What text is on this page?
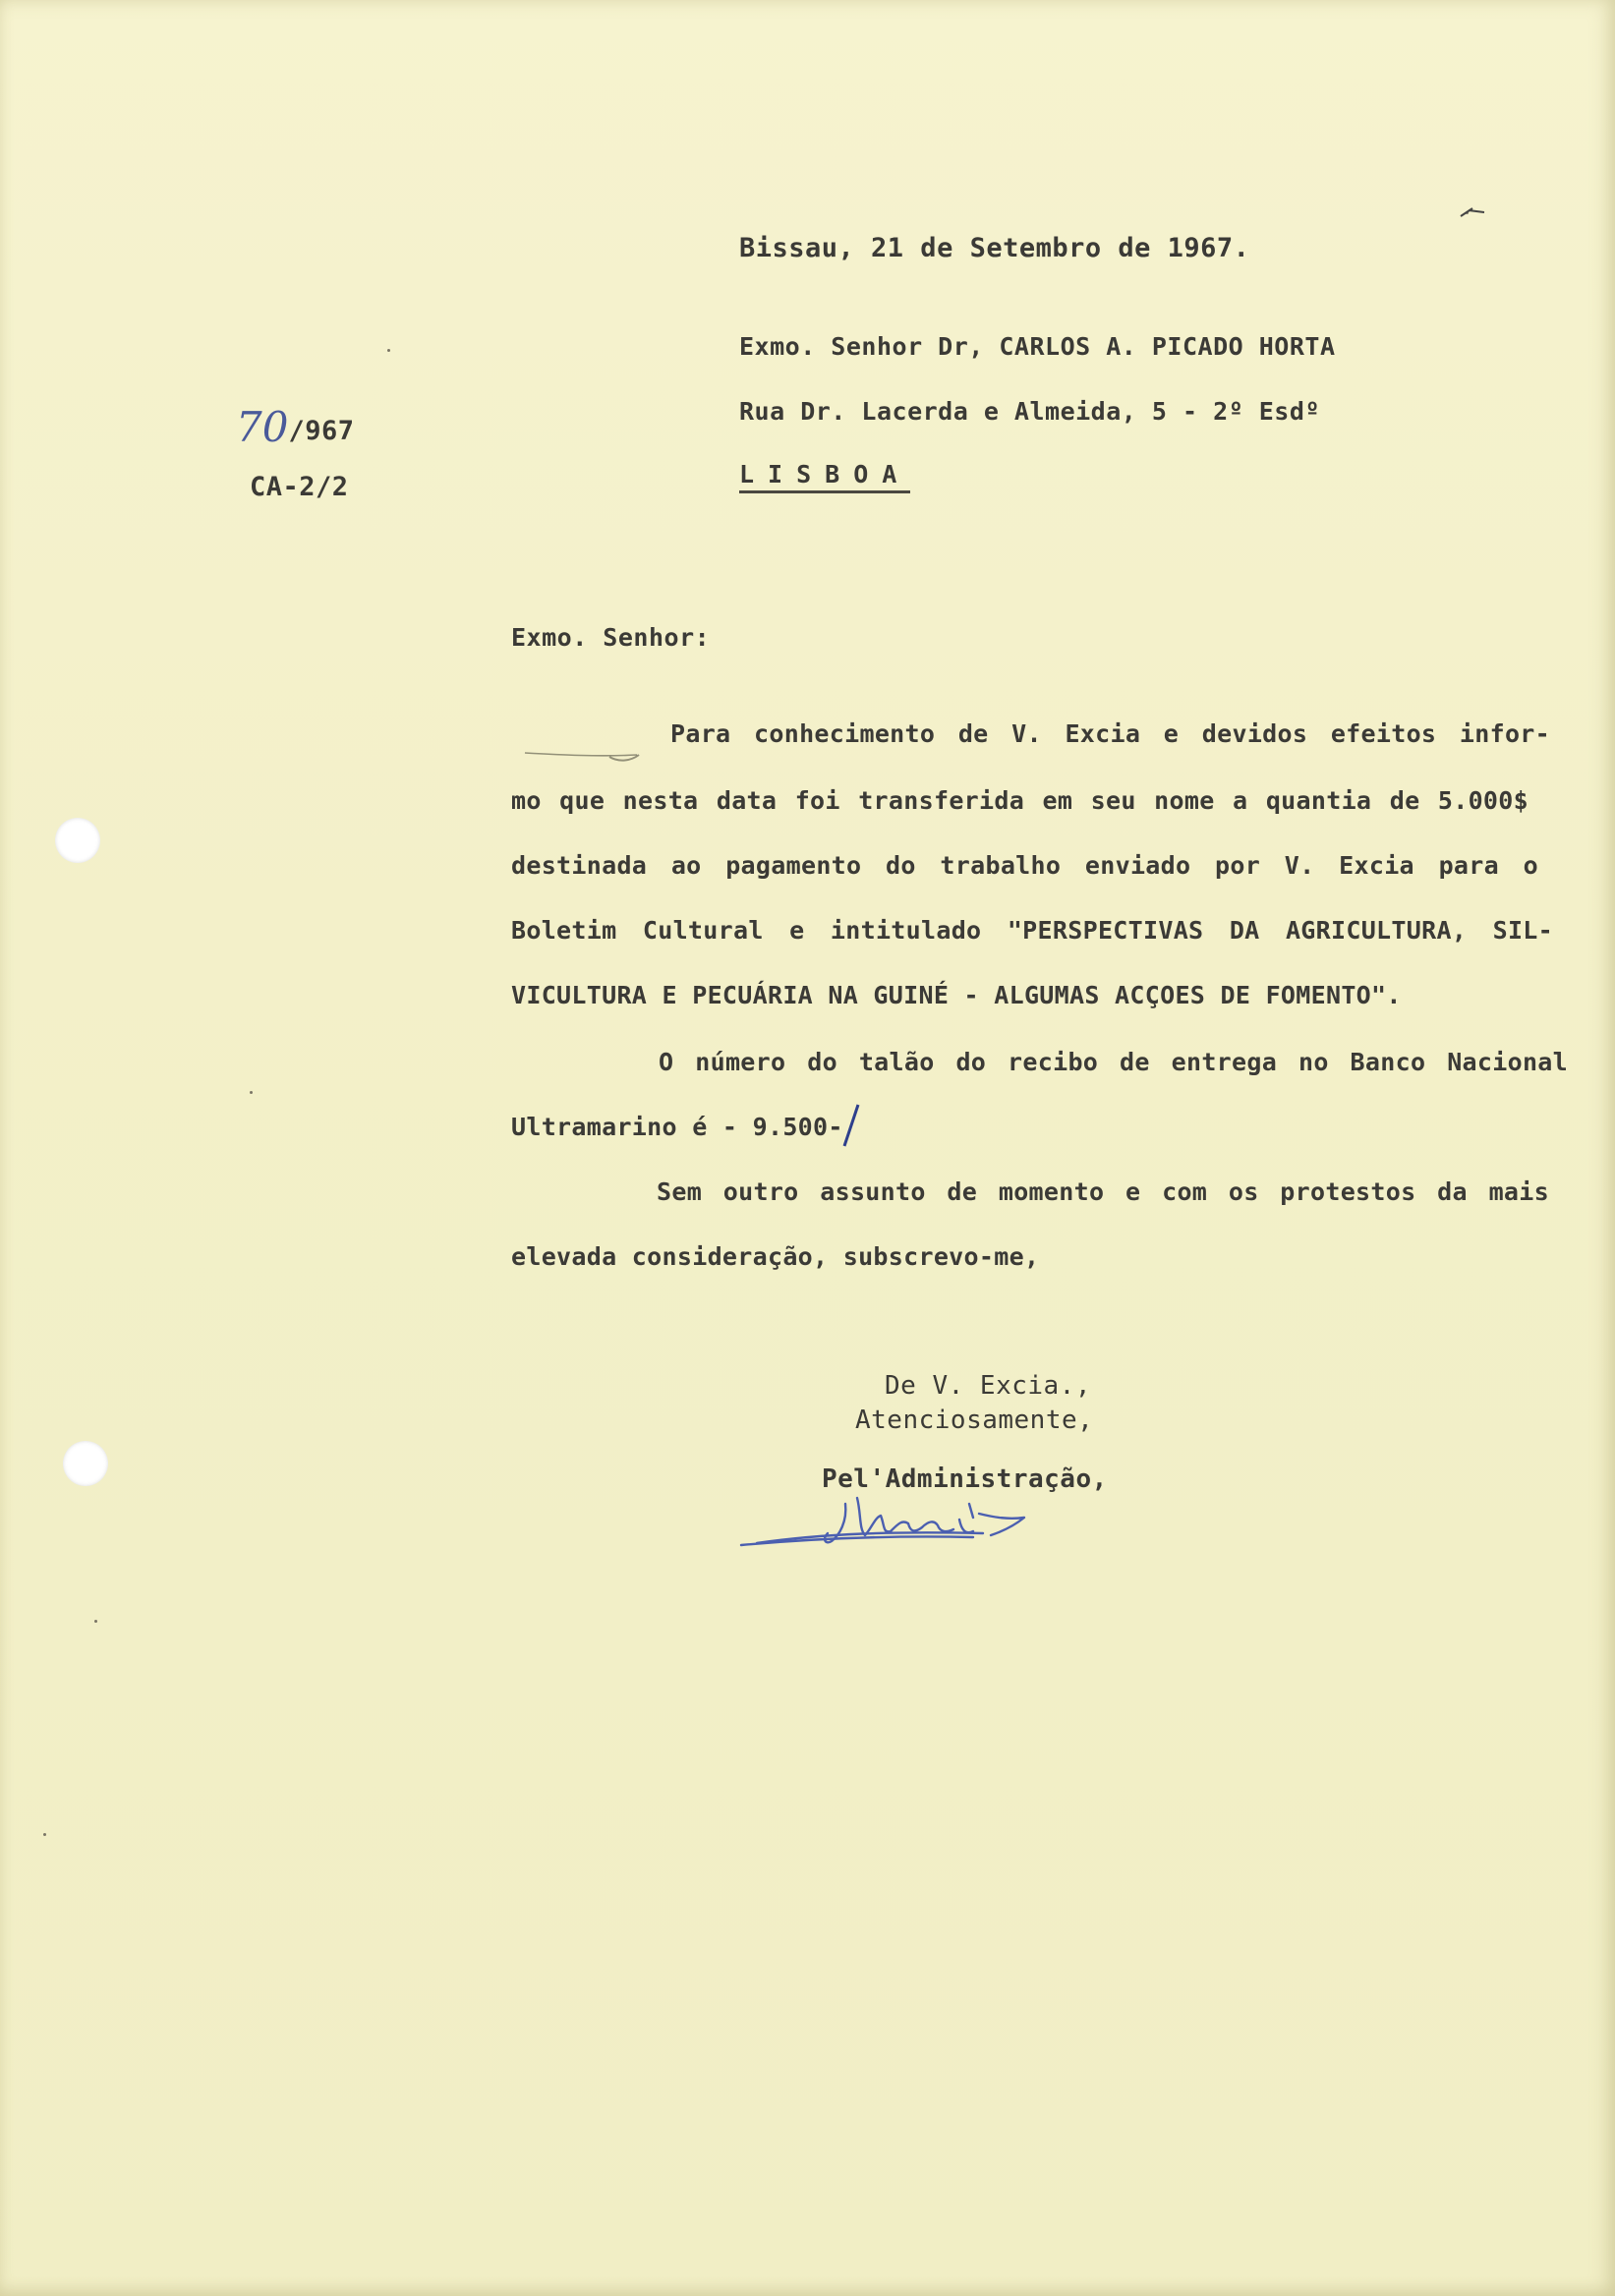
70/967
CA-2/2
Bissau, 21 de Setembro de 1967.
Exmo. Senhor Dr, CARLOS A. PICADO HORTA
Rua Dr. Lacerda e Almeida, 5 - 2º Esdº
LISBOA
Exmo. Senhor:
Para conhecimento de V. Excia e devidos efeitos infor-
mo que nesta data foi transferida em seu nome a quantia de 5.000$
destinada ao pagamento do trabalho enviado por V. Excia para o
Boletim Cultural e intitulado "PERSPECTIVAS DA AGRICULTURA, SIL-
VICULTURA E PECUÁRIA NA GUINÉ - ALGUMAS ACÇOES DE FOMENTO".
O número do talão do recibo de entrega no Banco Nacional
Ultramarino é - 9.500-
Sem outro assunto de momento e com os protestos da mais
elevada consideração, subscrevo-me,
De V. Excia.,
Atenciosamente,
Pel'Administração,
